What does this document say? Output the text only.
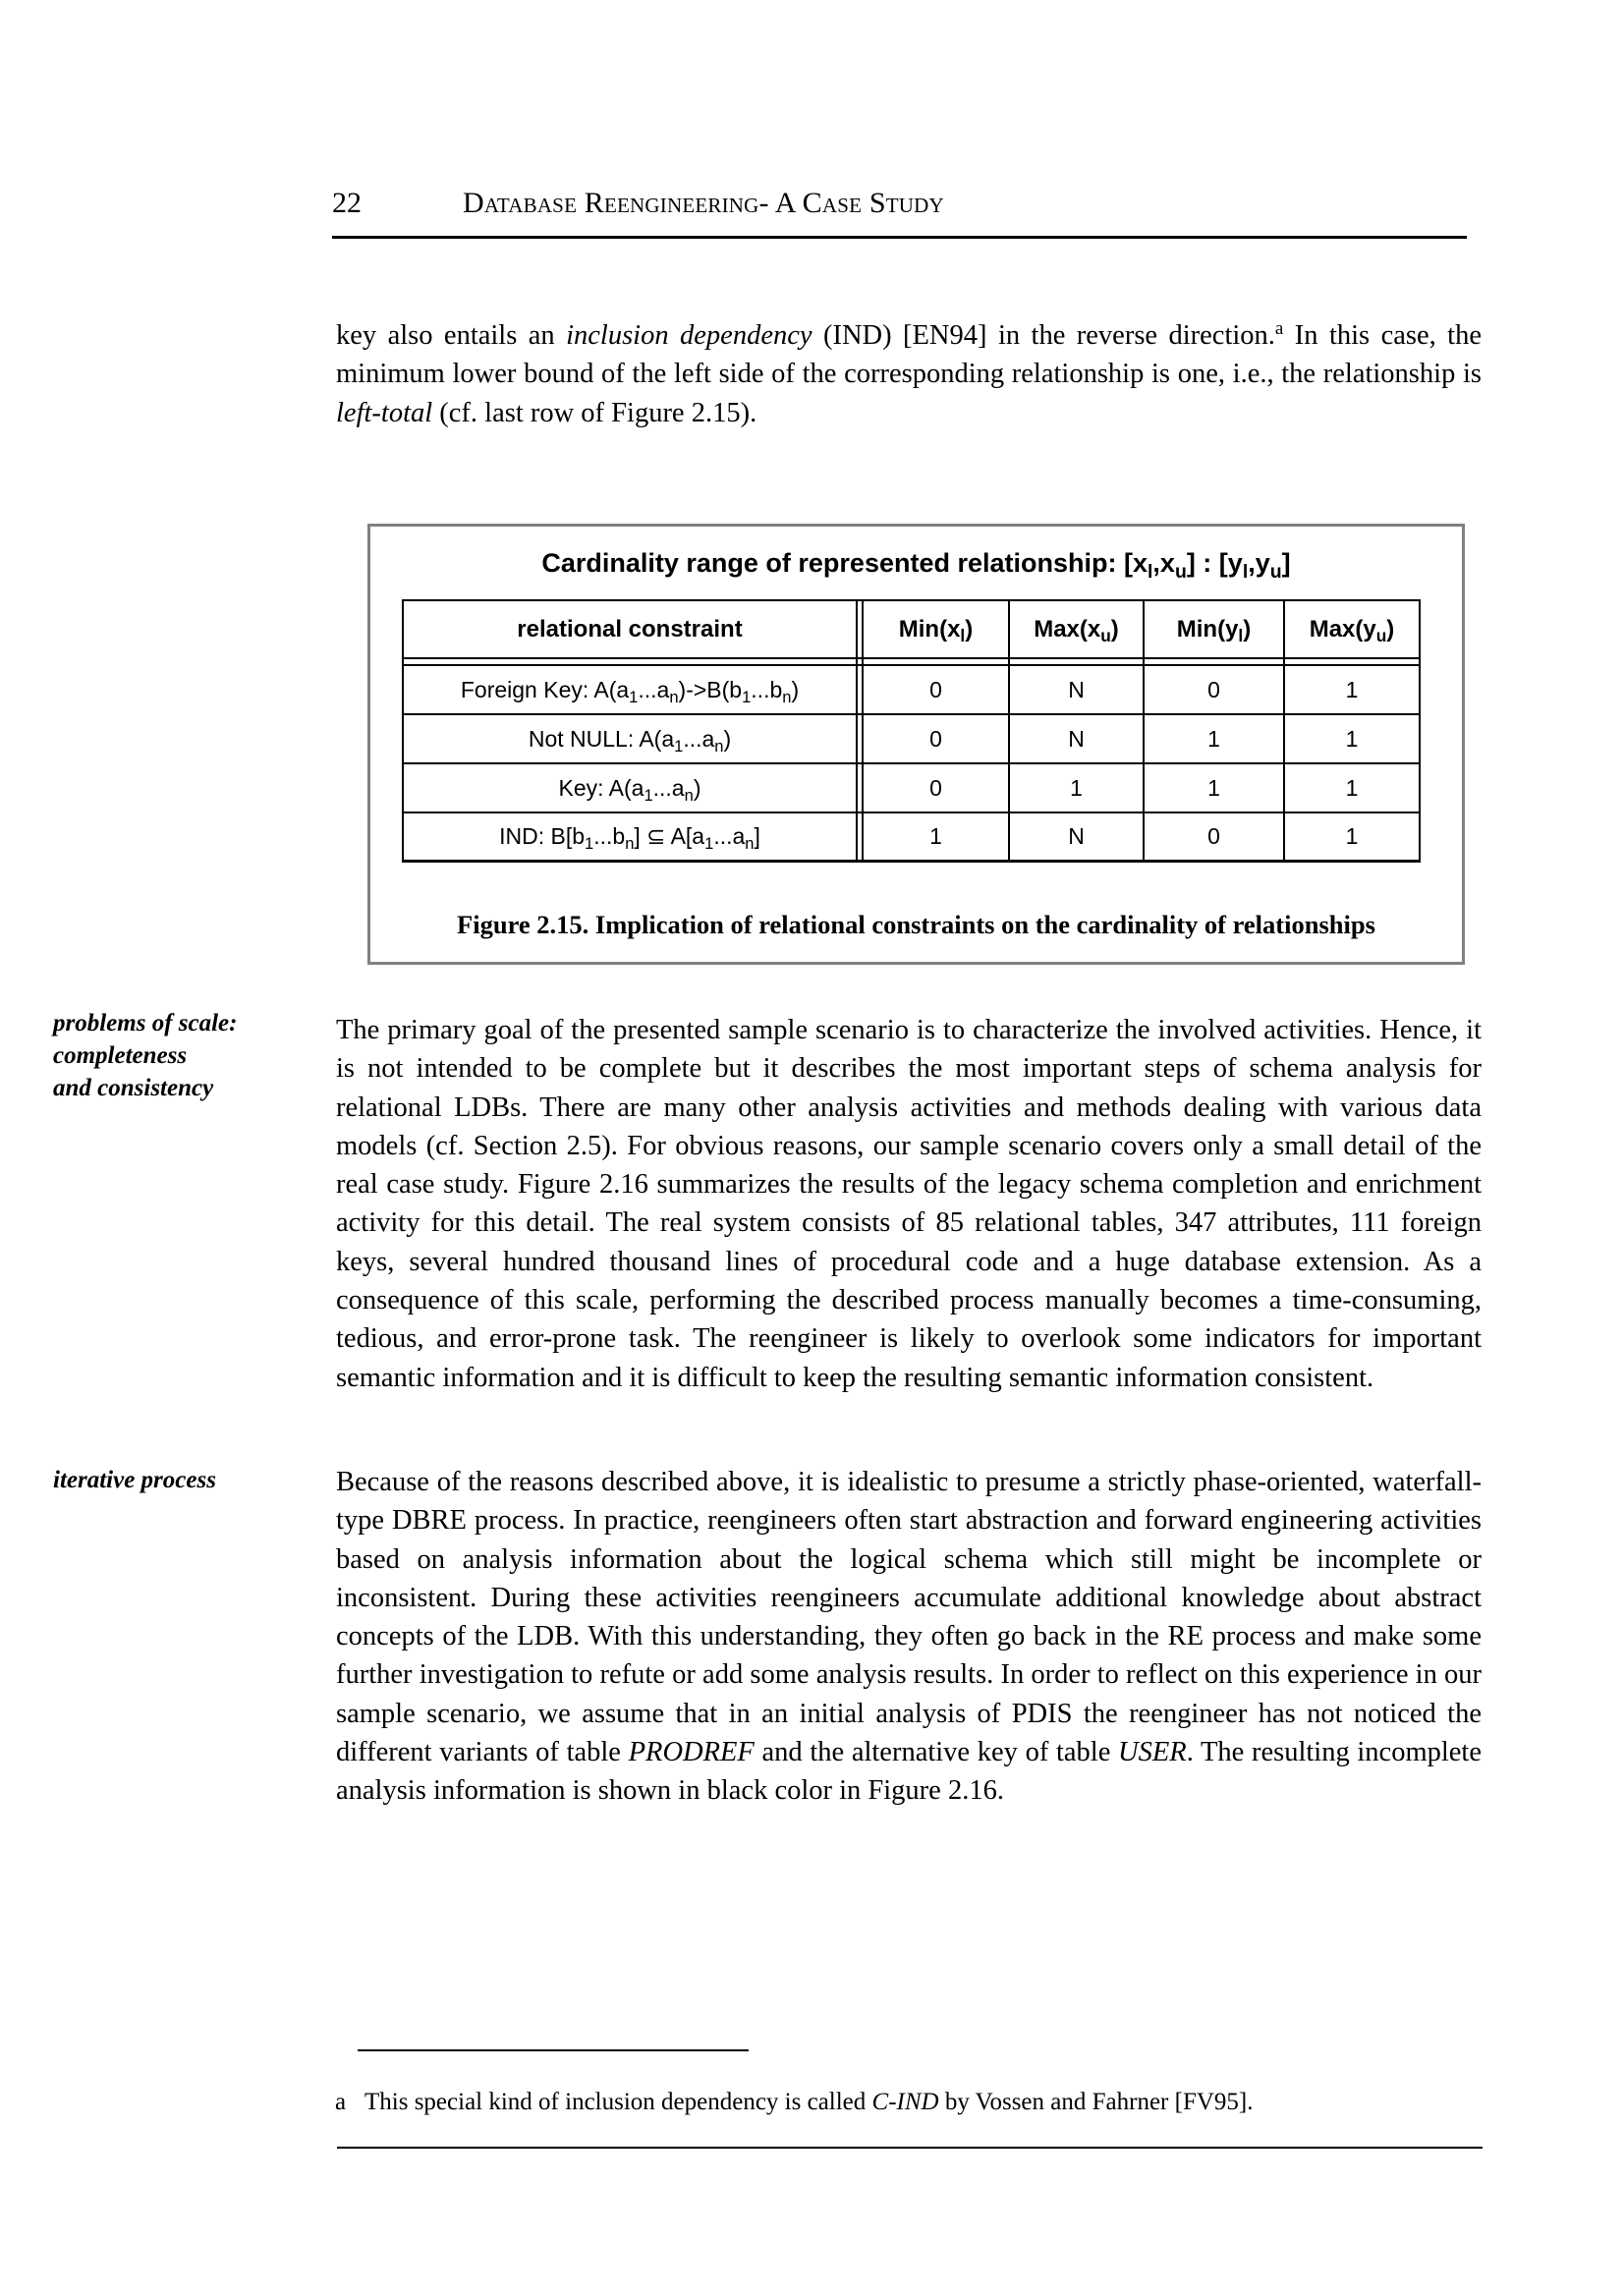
22	Database Reengineering- A Case Study

key also entails an inclusion dependency (IND) [EN94] in the reverse direction.$^a$ In this case, the minimum lower bound of the left side of the corresponding relationship is one, i.e., the relationship is left-total (cf. last row of Figure 2.15).

Cardinality range of represented relationship: $[x_l,x_u]$ : $[y_l,y_u]$
relational constraint	$Min(x_l)$	$Max(x_u)$ $Min(y_l)$ $Max(y_u)$
Foreign Key: $A(a_1...a_n)->B(b_1...b_n)$	0	N	0	1
Not NULL: $A(a_1...a_n)$	0	N	1	1
Key: $A(a_1...a_n)$	0	1	1	1
IND: $B[b_1...b_n]$ ⊆ $A[a_1...a_n]$	1	N	0	1
Figure 2.15. Implication of relational constraints on the cardinality of relationships
problems of scale:
completeness
and consistency

The primary goal of the presented sample scenario is to characterize the involved activities. Hence, it is not intended to be complete but it describes the most important steps of schema analysis for relational LDBs. There are many other analysis activities and methods dealing with various data models (cf. Section 2.5). For obvious reasons, our sample scenario covers only a small detail of the real case study. Figure 2.16 summarizes the results of the legacy schema completion and enrichment activity for this detail. The real system consists of 85 relational tables, 347 attributes, 111 foreign keys, several hundred thousand lines of procedural code and a huge database extension. As a consequence of this scale, performing the described process manually becomes a time-consuming, tedious, and error-prone task. The reengineer is likely to overlook some indicators for important semantic information and it is difficult to keep the resulting semantic information consistent.

iterative process	Because of the reasons described above, it is idealistic to presume a strictly phase-oriented, waterfall-type DBRE process. In practice, reengineers often start abstraction and forward engineering activities based on analysis information about the logical schema which still might be incomplete or inconsistent. During these activities reengineers accumulate additional knowledge about abstract concepts of the LDB. With this understanding, they often go back in the RE process and make some further investigation to refute or add some analysis results. In order to reflect on this experience in our sample scenario, we assume that in an initial analysis of PDIS the reengineer has not noticed the different variants of table PRODREF and the alternative key of table USER. The resulting incomplete analysis information is shown in black color in Figure 2.16.

a This special kind of inclusion dependency is called C-IND by Vossen and Fahrner [FV95].
